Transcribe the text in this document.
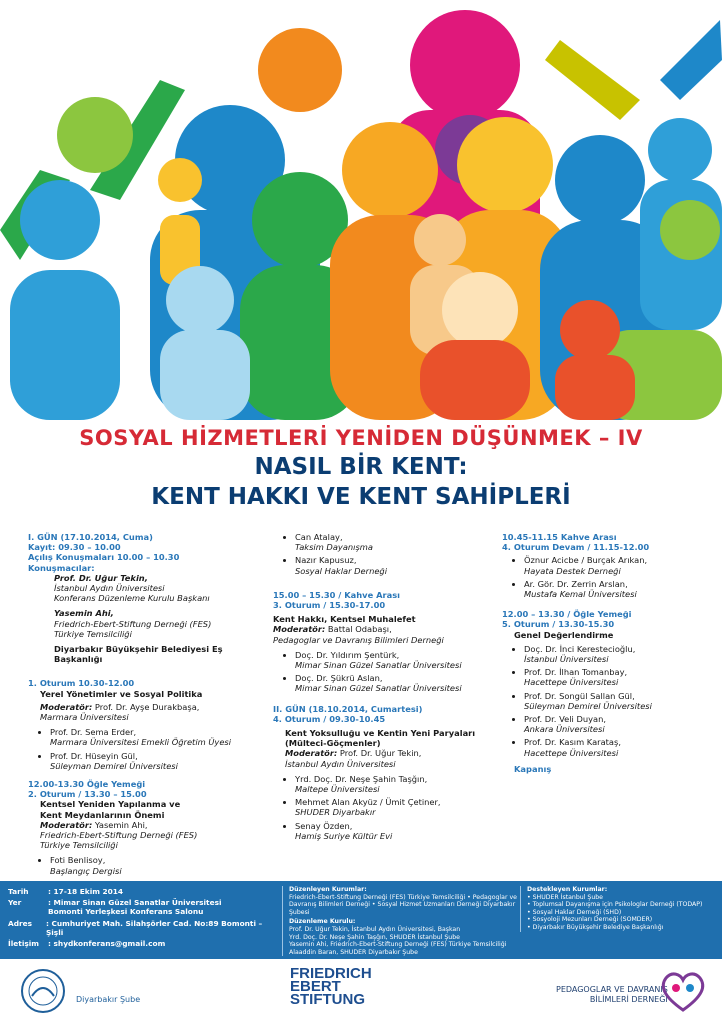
SOSYAL HİZMETLERİ YENİDEN DÜŞÜNMEK – IV
NASIL BİR KENT:
KENT HAKKI VE KENT SAHİPLERİ
I. GÜN (17.10.2014, Cuma)
Kayıt: 09.30 – 10.00
Açılış Konuşmaları 10.00 – 10.30
Konuşmacılar:
Prof. Dr. Uğur Tekin,
İstanbul Aydın Üniversitesi
Konferans Düzenleme Kurulu Başkanı
Yasemin Ahi,
Friedrich-Ebert-Stiftung Derneği (FES)
Türkiye Temsilciliği
Diyarbakır Büyükşehir Belediyesi Eş Başkanlığı
1. Oturum 10.30-12.00
Yerel Yönetimler ve Sosyal Politika
Moderatör: Prof. Dr. Ayşe Durakbaşa,
Marmara Üniversitesi
• Prof. Dr. Sema Erder,
Marmara Üniversitesi Emekli Öğretim Üyesi
• Prof. Dr. Hüseyin Gül,
Süleyman Demirel Üniversitesi
12.00-13.30 Öğle Yemeği
2. Oturum / 13.30 – 15.00
Kentsel Yeniden Yapılanma ve
Kent Meydanlarının Önemi
Moderatör: Yasemin Ahi,
Friedrich-Ebert-Stiftung Derneği (FES)
Türkiye Temsilciliği
• Foti Benlisoy,
Başlangıç Dergisi
• Can Atalay,
Taksim Dayanışma
• Nazır Kapusuz,
Sosyal Haklar Derneği
15.00 – 15.30 / Kahve Arası
3. Oturum / 15.30-17.00
Kent Hakkı, Kentsel Muhalefet
Moderatör: Battal Odabaşı,
Pedagoglar ve Davranış Bilimleri Derneği
• Doç. Dr. Yıldırım Şentürk,
Mimar Sinan Güzel Sanatlar Üniversitesi
• Doç. Dr. Şükrü Aslan,
Mimar Sinan Güzel Sanatlar Üniversitesi
II. GÜN (18.10.2014, Cumartesi)
4. Oturum / 09.30-10.45
Kent Yoksulluğu ve Kentin Yeni Paryaları
(Mülteci-Göçmenler)
Moderatör: Prof. Dr. Uğur Tekin,
İstanbul Aydın Üniversitesi
• Yrd. Doç. Dr. Neşe Şahin Taşğın,
Maltepe Üniversitesi
• Mehmet Alan Akyüz / Ümit Çetiner,
SHUDER Diyarbakır
• Senay Özden,
Hamiş Suriye Kültür Evi
10.45-11.15 Kahve Arası
4. Oturum Devam / 11.15-12.00
• Öznur Acicbe / Burçak Arıkan,
Hayata Destek Derneği
• Ar. Gör. Dr. Zerrin Arslan,
Mustafa Kemal Üniversitesi
12.00 – 13.30 / Öğle Yemeği
5. Oturum / 13.30-15.30
Genel Değerlendirme
• Doç. Dr. İnci Kerestecioğlu,
İstanbul Üniversitesi
• Prof. Dr. İlhan Tomanbay,
Hacettepe Üniversitesi
• Prof. Dr. Songül Sallan Gül,
Süleyman Demirel Üniversitesi
• Prof. Dr. Veli Duyan,
Ankara Üniversitesi
• Prof. Dr. Kasım Karataş,
Hacettepe Üniversitesi
Kapanış
Tarih	: 17-18 Ekim 2014
Yer	: Mimar Sinan Güzel Sanatlar Üniversitesi
Bomonti Yerleşkesi Konferans Salonu
Adres	: Cumhuriyet Mah. Silahşörler Cad. No:89 Bomonti – Şişli
İletişim	: shydkonferans@gmail.com
Düzenleyen Kurumlar:
Friedrich-Ebert-Stiftung Derneği (FES) Türkiye Temsilciliği • Pedagoglar ve
Davranış Bilimleri Derneği • Sosyal Hizmet Uzmanları Derneği Diyarbakır Şubesi
Düzenleme Kurulu:
Prof. Dr. Uğur Tekin, İstanbul Aydın Üniversitesi, Başkan
Yrd. Doç. Dr. Neşe Şahin Taşğın, SHUDER İstanbul Şube
Yasemin Ahi, Friedrich-Ebert-Stiftung Derneği (FES) Türkiye Temsilciliği
Alaaddin Baran, SHUDER Diyarbakır Şube
Destekleyen Kurumlar:
• SHUDER İstanbul Şube
• Toplumsal Dayanışma için Psikologlar Derneği (TODAP)
• Sosyal Haklar Derneği (SHD)
• Sosyoloji Mezunları Derneği (SOMDER)
• Diyarbakır Büyükşehir Belediye Başkanlığı
Diyarbakır Şube
FRIEDRICH
EBERT
STIFTUNG
PEDAGOGLAR VE DAVRANIŞ
BİLİMLERİ DERNEĞİ
